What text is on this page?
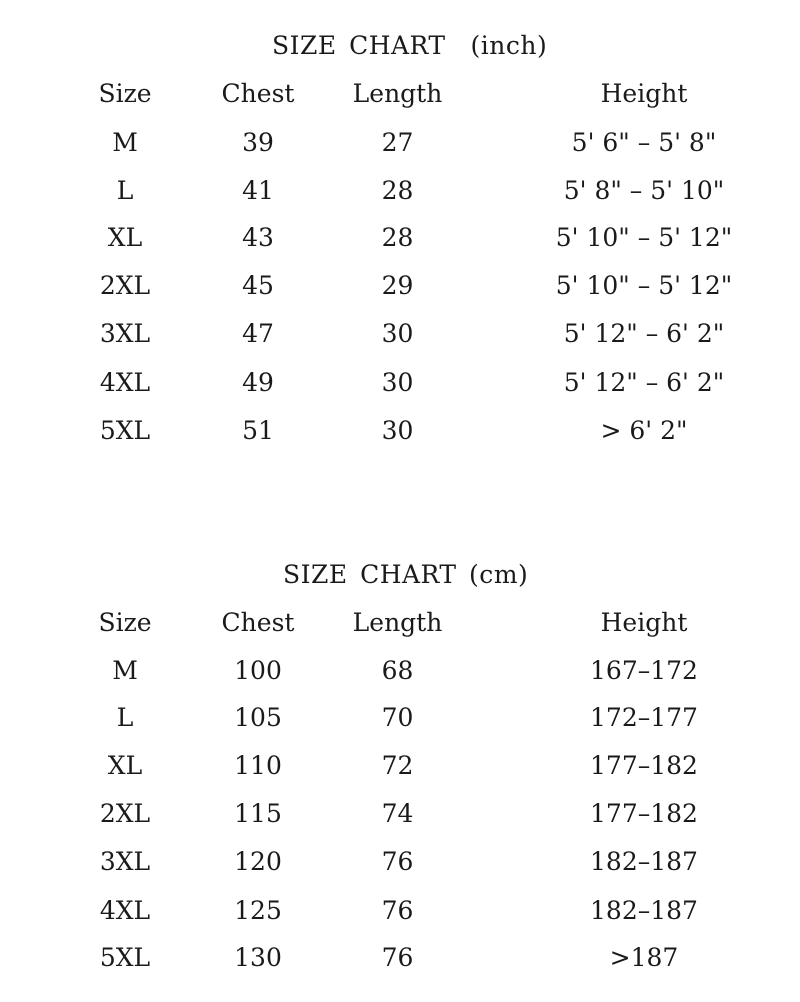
SIZE CHART  (inch)
Size	Chest	Length	Height
M	39	27	5' 6" – 5' 8"
L	41	28	5' 8" – 5' 10"
XL	43	28	5' 10" – 5' 12"
2XL	45	29	5' 10" – 5' 12"
3XL	47	30	5' 12" – 6' 2"
4XL	49	30	5' 12" – 6' 2"
5XL	51	30	> 6' 2"
SIZE CHART (cm)
Size	Chest	Length	Height
M	100	68	167–172
L	105	70	172–177
XL	110	72	177–182
2XL	115	74	177–182
3XL	120	76	182–187
4XL	125	76	182–187
5XL	130	76	>187
